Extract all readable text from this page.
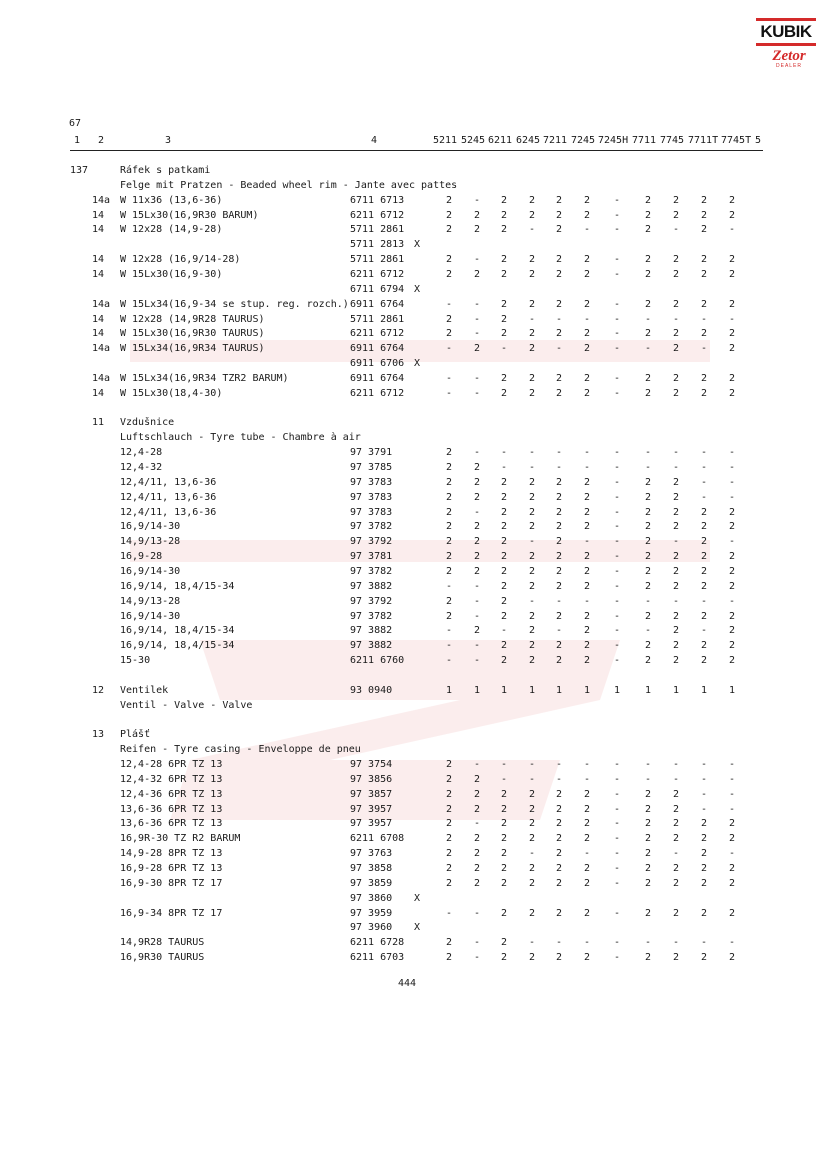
KUBIK
Zetor
DEALER
67
1 2	3	4	5211 5245 6211 6245 7211 7245 7245H 7711 7745 7711T 7745T 5
137	Ráfek s patkami
Felge mit Pratzen - Beaded wheel rim - Jante avec pattes
14a W 11x36 (13,6-36)	6711 6713	2	-	2	2	2	2	-	2	2	2	2
14 W 15Lx30(16,9R30 BARUM)	6211 6712	2	2	2	2	2	2	-	2	2	2	2
14 W 12x28 (14,9-28)	5711 2861	2	2	2	-	2	-	-	2	-	2	-
5711 2813 X
14 W 12x28 (16,9/14-28)	5711 2861	2	-	2	2	2	2	-	2	2	2	2
14 W 15Lx30(16,9-30)	6211 6712	2	2	2	2	2	2	-	2	2	2	2
6711 6794 X
14a W 15Lx34(16,9-34 se stup. reg. rozch.) 6911 6764	-	-	2	2	2	2	-	2	2	2	2
14 W 12x28 (14,9R28 TAURUS)	5711 2861	2	-	2	-	-	-	-	-	-	-	-
14 W 15Lx30(16,9R30 TAURUS)	6211 6712	2	-	2	2	2	2	-	2	2	2	2
14a W 15Lx34(16,9R34 TAURUS)	6911 6764	-	2	-	2	-	2	-	-	2	-	2
6911 6706 X
14a W 15Lx34(16,9R34 TZR2 BARUM)	6911 6764	-	-	2	2	2	2	-	2	2	2	2
14 W 15Lx30(18,4-30)	6211 6712	-	-	2	2	2	2	-	2	2	2	2
11 Vzdušnice
Luftschlauch - Tyre tube - Chambre à air
12,4-28	97 3791	2	-	-	-	-	-	-	-	-	-	-
12,4-32	97 3785	2	2	-	-	-	-	-	-	-	-	-
12,4/11, 13,6-36	97 3783	2	2	2	2	2	2	-	2	2	-	-
12,4/11, 13,6-36	97 3783	2	2	2	2	2	2	-	2	2	-	-
12,4/11, 13,6-36	97 3783	2	-	2	2	2	2	-	2	2	2	2
16,9/14-30	97 3782	2	2	2	2	2	2	-	2	2	2	2
14,9/13-28	97 3792	2	2	2	-	2	-	-	2	-	2	-
16,9-28	97 3781	2	2	2	2	2	2	-	2	2	2	2
16,9/14-30	97 3782	2	2	2	2	2	2	-	2	2	2	2
16,9/14, 18,4/15-34	97 3882	-	-	2	2	2	2	-	2	2	2	2
14,9/13-28	97 3792	2	-	2	-	-	-	-	-	-	-	-
16,9/14-30	97 3782	2	-	2	2	2	2	-	2	2	2	2
16,9/14, 18,4/15-34	97 3882	-	2	-	2	-	2	-	-	2	-	2
16,9/14, 18,4/15-34	97 3882	-	-	2	2	2	2	-	2	2	2	2
15-30	6211 6760	-	-	2	2	2	2	-	2	2	2	2
12 Ventilek	93 0940	1	1	1	1	1	1	1	1	1	1	1
Ventil - Valve - Valve
13 Plášť
Reifen - Tyre casing - Enveloppe de pneu
12,4-28 6PR TZ 13	97 3754	2	-	-	-	-	-	-	-	-	-	-
12,4-32 6PR TZ 13	97 3856	2	2	-	-	-	-	-	-	-	-	-
12,4-36 6PR TZ 13	97 3857	2	2	2	2	2	2	-	2	2	-	-
13,6-36 6PR TZ 13	97 3957	2	2	2	2	2	2	-	2	2	-	-
13,6-36 6PR TZ 13	97 3957	2	-	2	2	2	2	-	2	2	2	2
16,9R-30 TZ R2 BARUM	6211 6708	2	2	2	2	2	2	-	2	2	2	2
14,9-28 8PR TZ 13	97 3763	2	2	2	-	2	-	-	2	-	2	-
16,9-28 6PR TZ 13	97 3858	2	2	2	2	2	2	-	2	2	2	2
16,9-30 8PR TZ 17	97 3859	2	2	2	2	2	2	-	2	2	2	2
97 3860 X
16,9-34 8PR TZ 17	97 3959	-	-	2	2	2	2	-	2	2	2	2
97 3960 X
14,9R28 TAURUS	6211 6728	2	-	2	-	-	-	-	-	-	-	-
16,9R30 TAURUS	6211 6703	2	-	2	2	2	2	-	2	2	2	2
444
